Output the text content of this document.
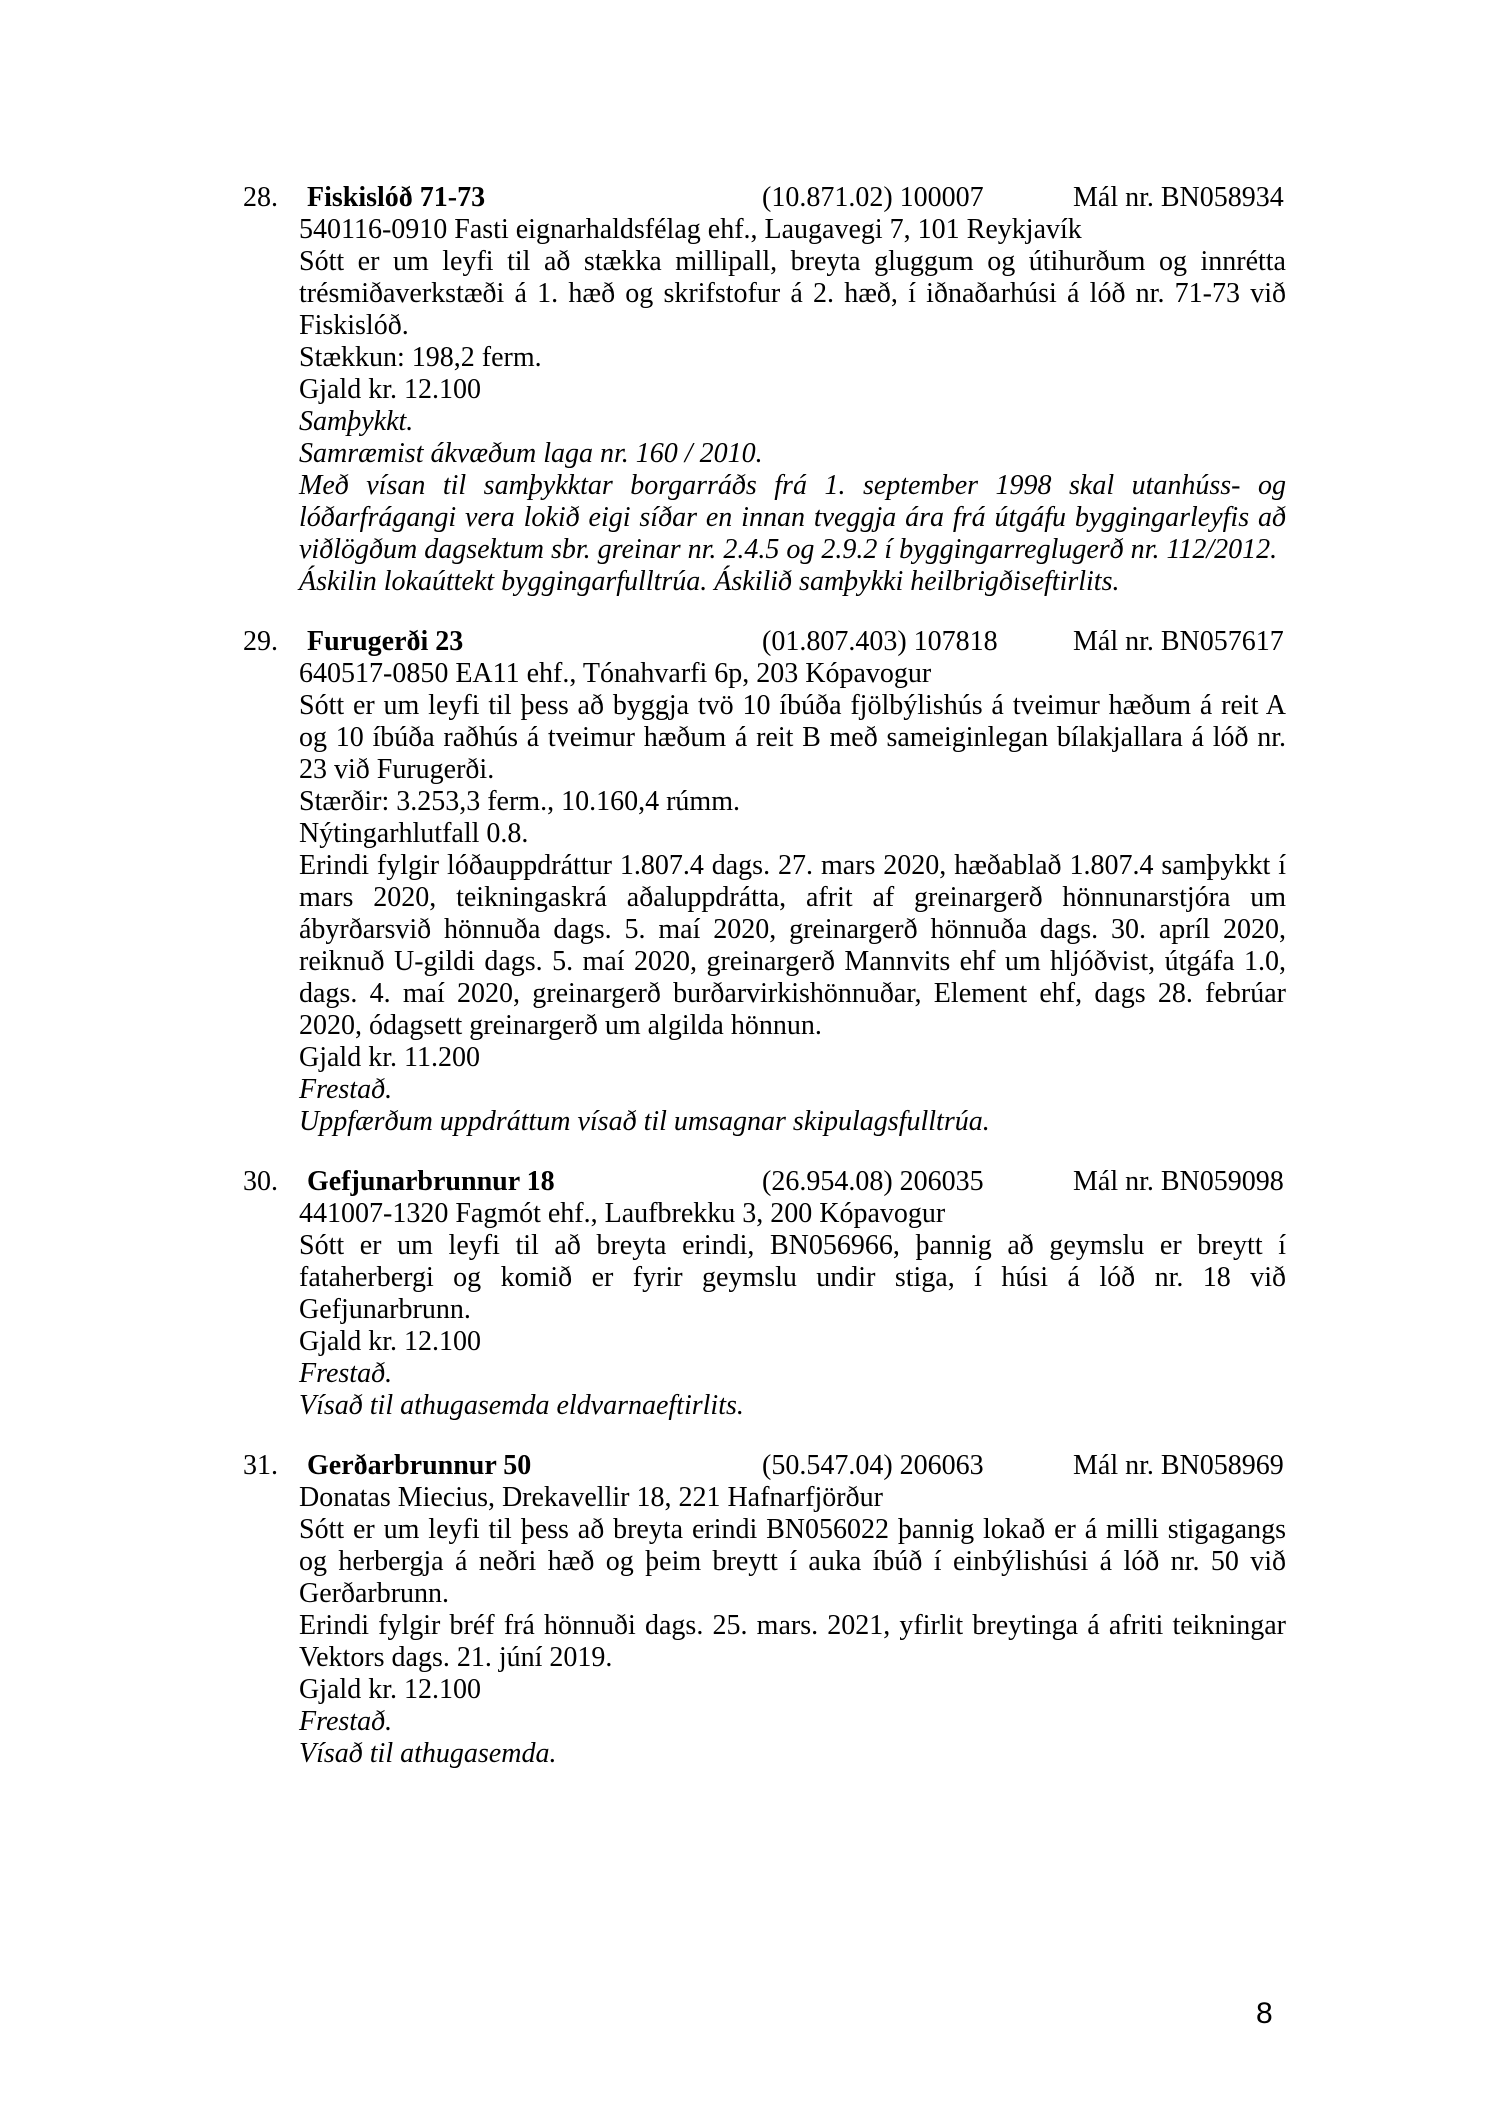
28.	Fiskislóð 71-73	(10.871.02) 100007	Mál nr. BN058934

540116-0910 Fasti eignarhaldsfélag ehf., Laugavegi 7, 101 Reykjavík

Sótt er um leyfi til að stækka millipall, breyta gluggum og útihurðum og innrétta trésmiðaverkstæði á 1. hæð og skrifstofur á 2. hæð, í iðnaðarhúsi á lóð nr. 71-73 við Fiskislóð.

Stækkun: 198,2 ferm.

Gjald kr. 12.100

Samþykkt.

Samræmist ákvæðum laga nr. 160 / 2010.

Með vísan til samþykktar borgarráðs frá 1. september 1998 skal utanhúss- og lóðarfrágangi vera lokið eigi síðar en innan tveggja ára frá útgáfu byggingarleyfis að viðlögðum dagsektum sbr. greinar nr. 2.4.5 og 2.9.2 í byggingarreglugerð nr. 112/2012.

Áskilin lokaúttekt byggingarfulltrúa. Áskilið samþykki heilbrigðiseftirlits.

29.	Furugerði 23	(01.807.403) 107818	Mál nr. BN057617

640517-0850 EA11 ehf., Tónahvarfi 6p, 203 Kópavogur

Sótt er um leyfi til þess að byggja tvö 10 íbúða fjölbýlishús á tveimur hæðum á reit A og 10 íbúða raðhús á tveimur hæðum á reit B með sameiginlegan bílakjallara á lóð nr. 23 við Furugerði.

Stærðir: 3.253,3 ferm., 10.160,4 rúmm.

Nýtingarhlutfall 0.8.

Erindi fylgir lóðauppdráttur 1.807.4 dags. 27. mars 2020, hæðablað 1.807.4 samþykkt í mars 2020, teikningaskrá aðaluppdrátta, afrit af greinargerð hönnunarstjóra um ábyrðarsvið hönnuða dags. 5. maí 2020, greinargerð hönnuða dags. 30. apríl 2020, reiknuð U-gildi dags. 5. maí 2020, greinargerð Mannvits ehf um hljóðvist, útgáfa 1.0, dags. 4. maí 2020, greinargerð burðarvirkishönnuðar, Element ehf, dags 28. febrúar 2020, ódagsett greinargerð um algilda hönnun.

Gjald kr. 11.200

Frestað.

Uppfærðum uppdráttum vísað til umsagnar skipulagsfulltrúa.

30.	Gefjunarbrunnur 18	(26.954.08) 206035	Mál nr. BN059098

441007-1320 Fagmót ehf., Laufbrekku 3, 200 Kópavogur

Sótt er um leyfi til að breyta erindi, BN056966, þannig að geymslu er breytt í fataherbergi og komið er fyrir geymslu undir stiga, í húsi á lóð nr. 18 við Gefjunarbrunn.

Gjald kr. 12.100

Frestað.

Vísað til athugasemda eldvarnaeftirlits.

31.	Gerðarbrunnur 50	(50.547.04) 206063	Mál nr. BN058969

Donatas Miecius, Drekavellir 18, 221 Hafnarfjörður

Sótt er um leyfi til þess að breyta erindi BN056022 þannig lokað er á milli stigagangs og herbergja á neðri hæð og þeim breytt í auka íbúð í einbýlishúsi á lóð nr. 50 við Gerðarbrunn.

Erindi fylgir bréf frá hönnuði dags. 25. mars. 2021, yfirlit breytinga á afriti teikningar Vektors dags. 21. júní 2019.

Gjald kr. 12.100

Frestað.

Vísað til athugasemda.

8
